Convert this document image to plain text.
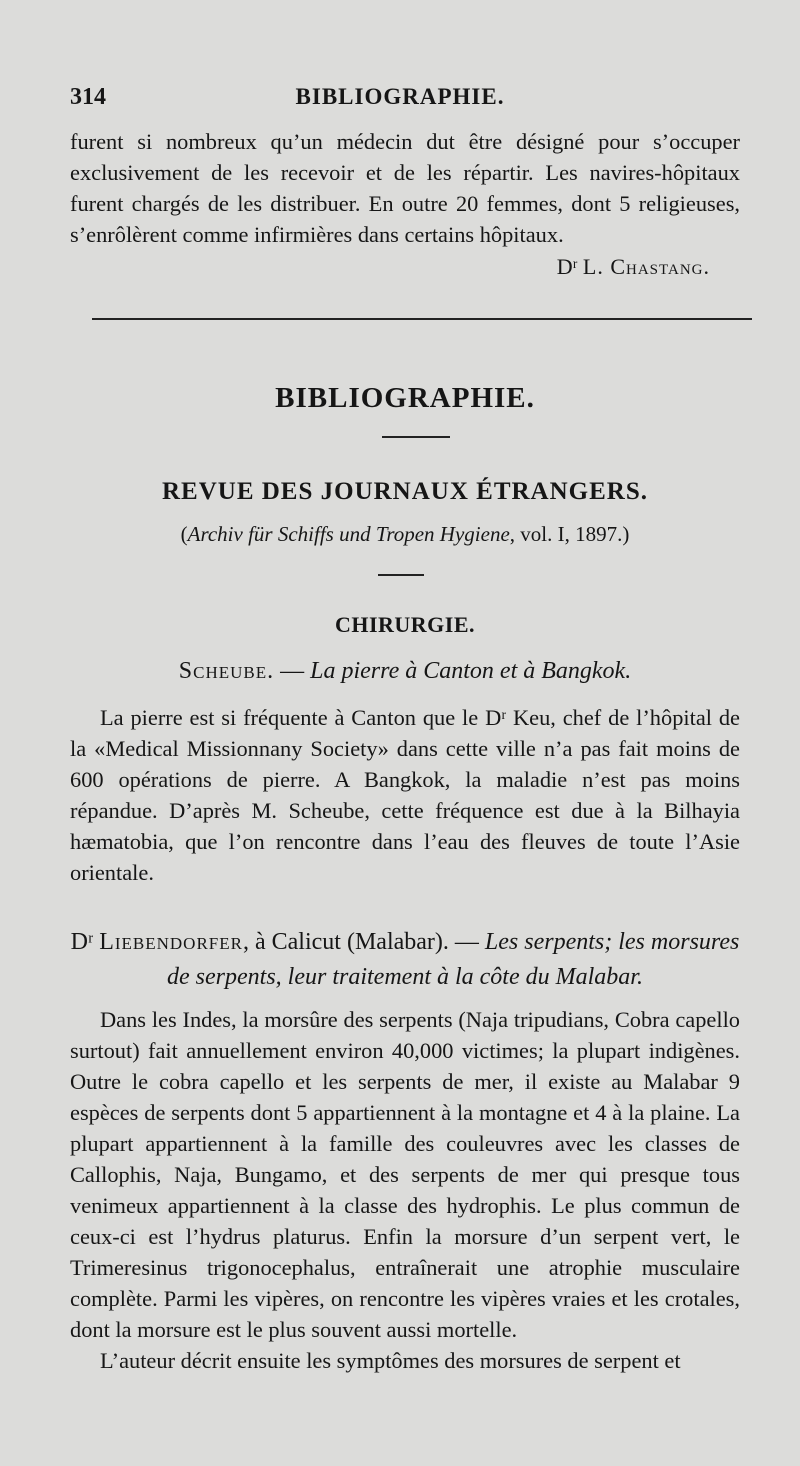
314	BIBLIOGRAPHIE.

furent si nombreux qu’un médecin dut être désigné pour s’occuper exclusivement de les recevoir et de les répartir. Les navires-hôpitaux furent chargés de les distribuer. En outre 20 femmes, dont 5 religieuses, s’enrôlèrent comme infirmières dans certains hôpitaux.

Dʳ L. Chastang.
BIBLIOGRAPHIE.
REVUE DES JOURNAUX ÉTRANGERS.
(Archiv für Schiffs und Tropen Hygiene, vol. I, 1897.)
CHIRURGIE.
Scheube. — La pierre à Canton et à Bangkok.

La pierre est si fréquente à Canton que le Dʳ Keu, chef de l’hôpital de la «Medical Missionnany Society» dans cette ville n’a pas fait moins de 600 opérations de pierre. A Bangkok, la maladie n’est pas moins répandue. D’après M. Scheube, cette fréquence est due à la Bilhayia hæmatobia, que l’on rencontre dans l’eau des fleuves de toute l’Asie orientale.

Dʳ Liebendorfer, à Calicut (Malabar). — Les serpents; les morsures de serpents, leur traitement à la côte du Malabar.

Dans les Indes, la morsûre des serpents (Naja tripudians, Cobra capello surtout) fait annuellement environ 40,000 victimes; la plupart indigènes. Outre le cobra capello et les serpents de mer, il existe au Malabar 9 espèces de serpents dont 5 appartiennent à la montagne et 4 à la plaine. La plupart appartiennent à la famille des couleuvres avec les classes de Callophis, Naja, Bungamo, et des serpents de mer qui presque tous venimeux appartiennent à la classe des hydrophis. Le plus commun de ceux-ci est l’hydrus platurus. Enfin la morsure d’un serpent vert, le Trimeresinus trigonocephalus, entraînerait une atrophie musculaire complète. Parmi les vipères, on rencontre les vipères vraies et les crotales, dont la morsure est le plus souvent aussi mortelle.

L’auteur décrit ensuite les symptômes des morsures de serpent et
